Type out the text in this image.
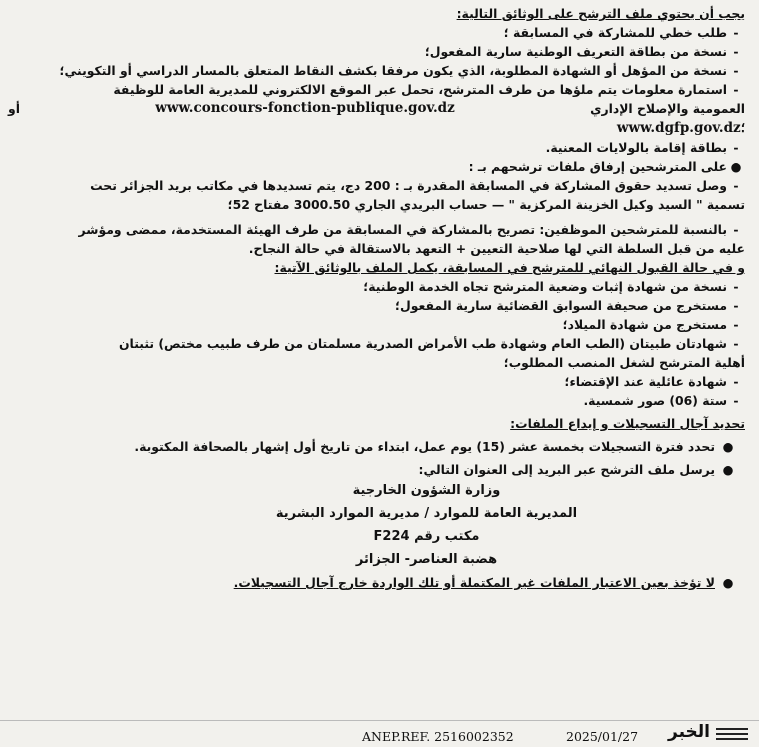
يجب أن يحتوي ملف الترشح على الوثائق التالية:
-
طلب خطي للمشاركة في المسابقة ؛
-
نسخة من بطاقة التعريف الوطنية سارية المفعول؛
-
نسخة من المؤهل أو الشهادة المطلوبة، الذي يكون مرفقا بكشف النقاط المتعلق بالمسار الدراسي أو التكويني؛
-
استمارة معلومات يتم ملؤها من طرف المترشح، تحمل عبر الموقع الالكتروني للمديرية العامة للوظيفة
العمومية والإصلاح الإداري
www.concours-fonction-publique.gov.dz
أو
www.dgfp.gov.dz؛
-
بطاقة إقامة بالولايات المعنية.
●
على المترشحين إرفاق ملفات ترشحهم بـ :
-
وصل تسديد حقوق المشاركة في المسابقة المقدرة بـ : 200 دج، يتم تسديدها في مكاتب بريد الجزائر تحت
تسمية " السيد وكيل الخزينة المركزية " — حساب البريدي الجاري 3000.50 مفتاح 52؛
-
بالنسبة للمترشحين الموظفين: تصريح بالمشاركة في المسابقة من طرف الهيئة المستخدمة، ممضى ومؤشر
عليه من قبل السلطة التي لها صلاحية التعيين + التعهد بالاستقالة في حالة النجاح.
و في حالة القبول النهائي للمترشح في المسابقة، يكمل الملف بالوثائق الآتية:
-
نسخة من شهادة إثبات وضعية المترشح تجاه الخدمة الوطنية؛
-
مستخرج من صحيفة السوابق القضائية سارية المفعول؛
-
مستخرج من شهادة الميلاد؛
-
شهادتان طبيتان (الطب العام وشهادة طب الأمراض الصدرية مسلمتان من طرف طبيب مختص) تثبتان
أهلية المترشح لشغل المنصب المطلوب؛
-
شهادة عائلية عند الإقتضاء؛
-
ستة (06) صور شمسية.
تحديد آجال التسجيلات و إيداع الملفات:
●
تحدد فترة التسجيلات بخمسة عشر (15) يوم عمل، ابتداء من تاريخ أول إشهار بالصحافة المكتوبة.
●
يرسل ملف الترشح عبر البريد إلى العنوان التالي:
وزارة الشؤون الخارجية
المديرية العامة للموارد / مديرية الموارد البشرية
مكتب رقم F224
هضبة العناصر- الجزائر
●
لا تؤخذ بعين الاعتبار الملفات غير المكتملة أو تلك الواردة خارج آجال التسجيلات.
ANEP.REF. 2516002352	2025/01/27 الخبر
